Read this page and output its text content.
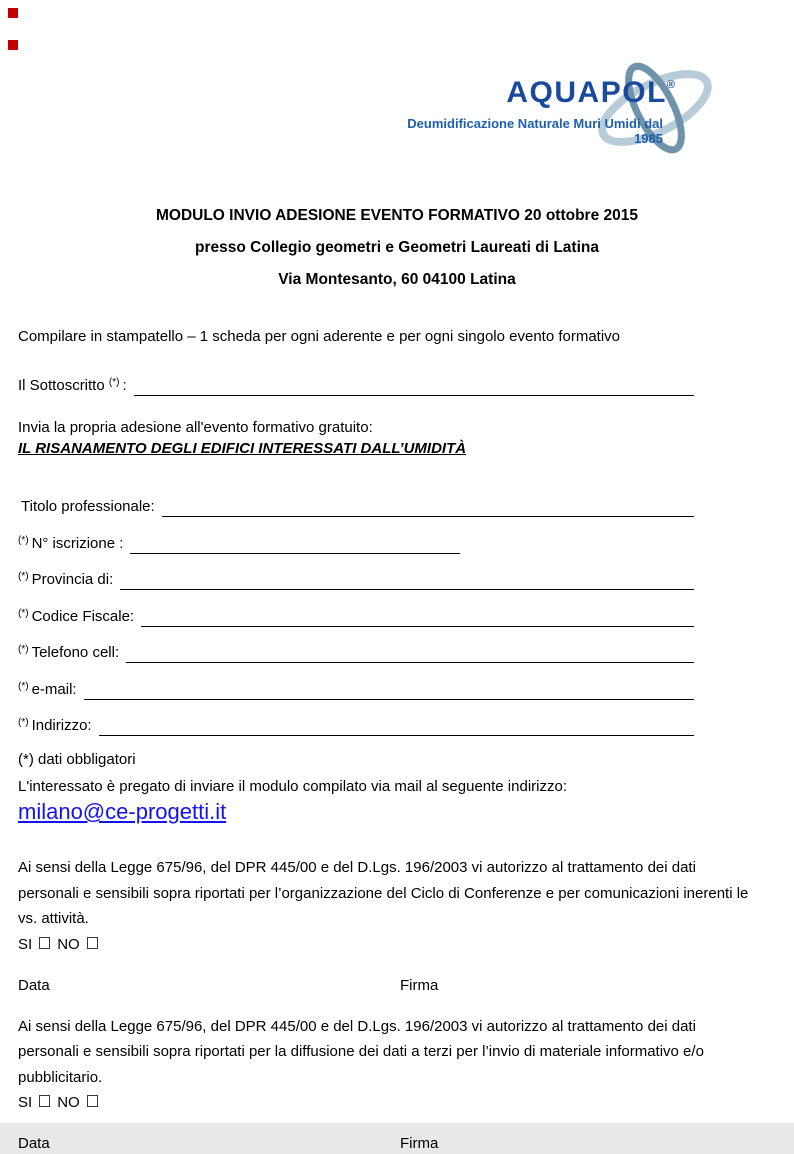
AQUAPOL®
Deumidificazione Naturale Muri Umidi dal 1985
MODULO INVIO ADESIONE EVENTO FORMATIVO 20 ottobre 2015
presso Collegio geometri e Geometri Laureati di Latina
Via Montesanto, 60 04100 Latina
Compilare in stampatello – 1 scheda per ogni aderente e per ogni singolo evento formativo
Il Sottoscritto (*) :
Invia la propria adesione all'evento formativo gratuito:
IL RISANAMENTO DEGLI EDIFICI INTERESSATI DALL’UMIDITÀ
Titolo professionale:
(*) N° iscrizione :
(*) Provincia di:
(*) Codice Fiscale:
(*) Telefono cell:
(*) e-mail:
(*) Indirizzo:
(*) dati obbligatori
L'interessato è pregato di inviare il modulo compilato via mail al seguente indirizzo:
milano@ce-progetti.it
Ai sensi della Legge 675/96, del DPR 445/00 e del D.Lgs. 196/2003 vi autorizzo al trattamento dei dati personali e sensibili sopra riportati per l’organizzazione del Ciclo di Conferenze e per comunicazioni inerenti le vs. attività.
SI NO
Data	Firma
Ai sensi della Legge 675/96, del DPR 445/00 e del D.Lgs. 196/2003 vi autorizzo al trattamento dei dati personali e sensibili sopra riportati per la diffusione dei dati a terzi per l’invio di materiale informativo e/o pubblicitario.
SI NO
Data	Firma
